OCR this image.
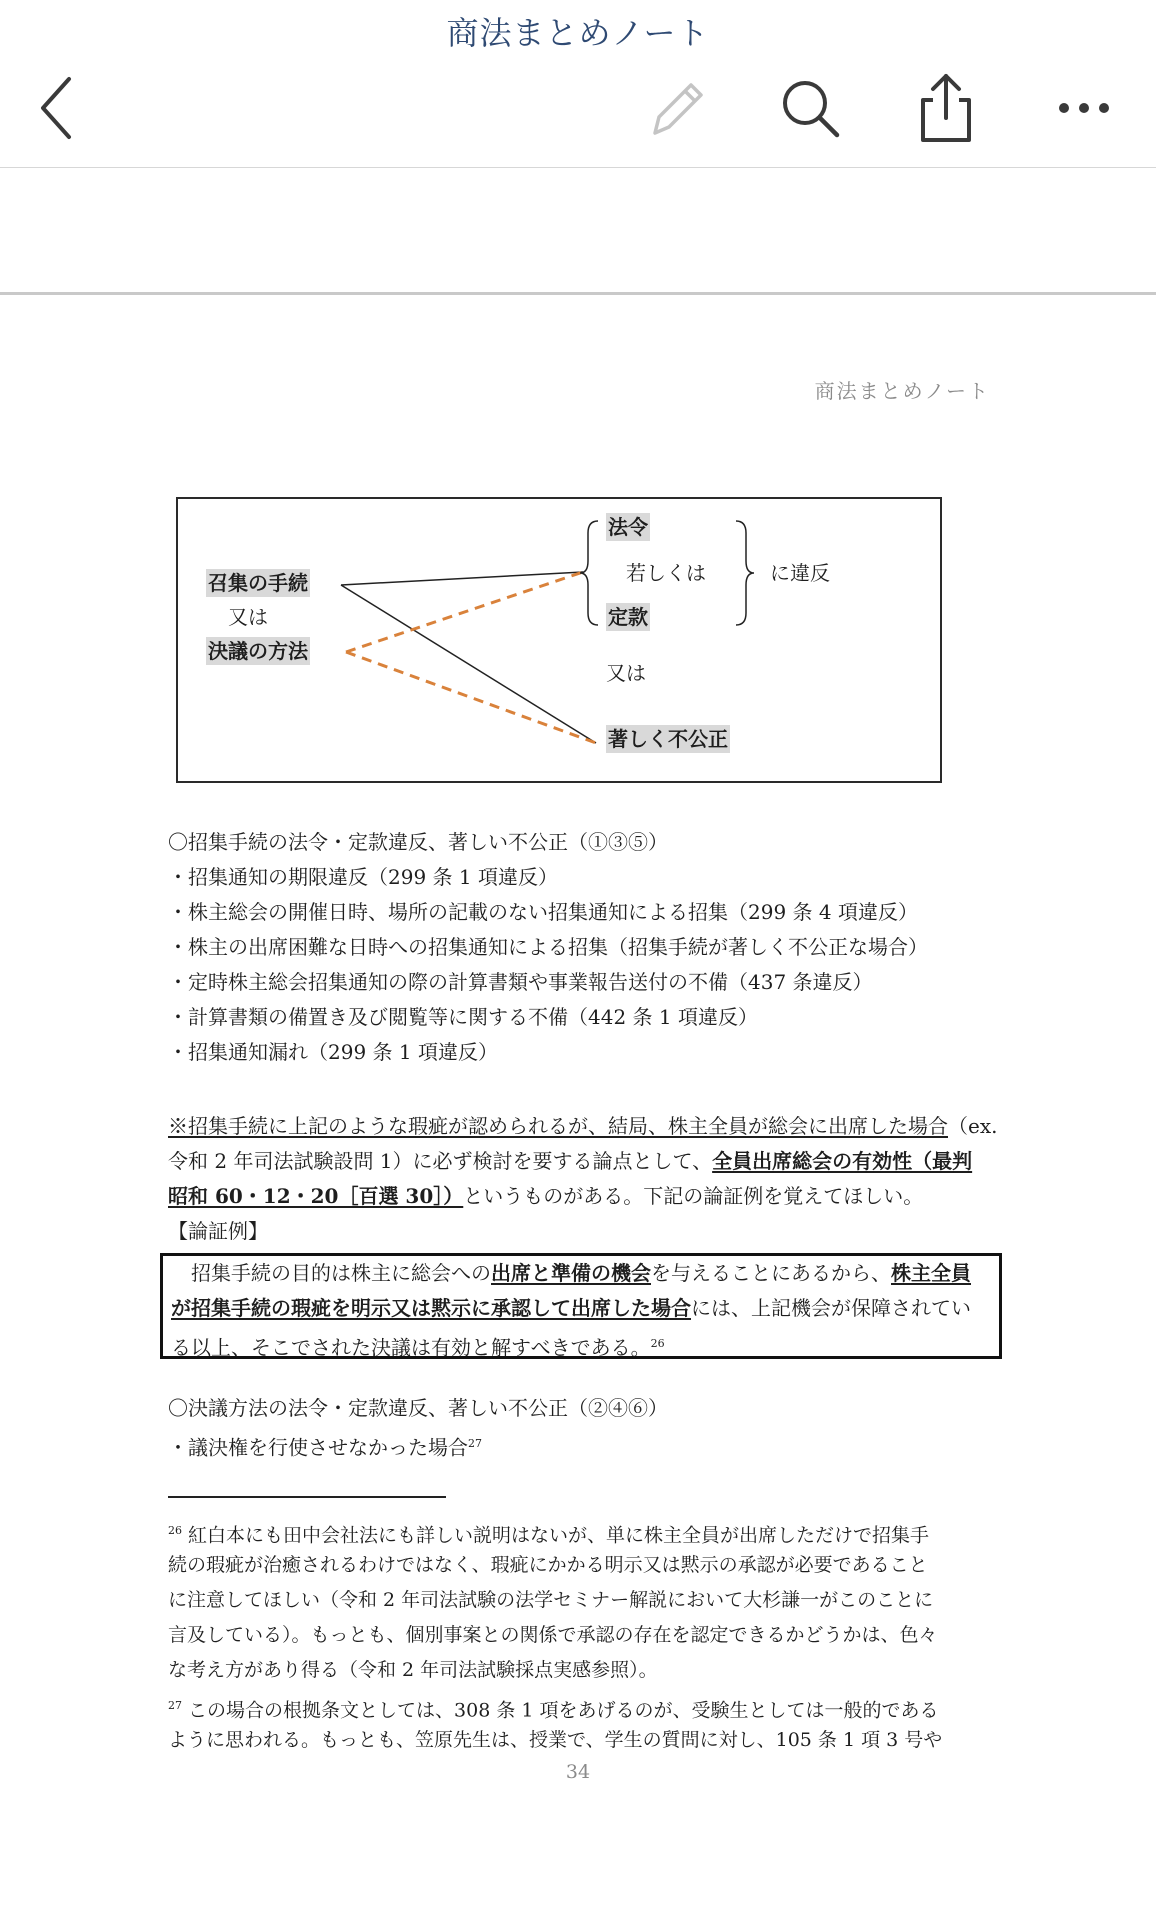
商法まとめノート
商法まとめノート
召集の手続
又は
決議の方法
法令
若しくは
定款
に違反
又は
著しく不公正
〇招集手続の法令・定款違反、著しい不公正（①③⑤）
・招集通知の期限違反（299 条 1 項違反）
・株主総会の開催日時、場所の記載のない招集通知による招集（299 条 4 項違反）
・株主の出席困難な日時への招集通知による招集（招集手続が著しく不公正な場合）
・定時株主総会招集通知の際の計算書類や事業報告送付の不備（437 条違反）
・計算書類の備置き及び閲覧等に関する不備（442 条 1 項違反）
・招集通知漏れ（299 条 1 項違反）
※招集手続に上記のような瑕疵が認められるが、結局、株主全員が総会に出席した場合（ex.
令和 2 年司法試験設問 1）に必ず検討を要する論点として、全員出席総会の有効性（最判
昭和 60・12・20［百選 30］）というものがある。下記の論証例を覚えてほしい。
【論証例】
　招集手続の目的は株主に総会への出席と準備の機会を与えることにあるから、株主全員
が招集手続の瑕疵を明示又は黙示に承認して出席した場合には、上記機会が保障されてい
る以上、そこでされた決議は有効と解すべきである。$^{26}$
〇決議方法の法令・定款違反、著しい不公正（②④⑥）
・議決権を行使させなかった場合$^{27}$
$^{26}$ 紅白本にも田中会社法にも詳しい説明はないが、単に株主全員が出席しただけで招集手
続の瑕疵が治癒されるわけではなく、瑕疵にかかる明示又は黙示の承認が必要であること
に注意してほしい（令和 2 年司法試験の法学セミナー解説において大杉謙一がこのことに
言及している）。もっとも、個別事案との関係で承認の存在を認定できるかどうかは、色々
な考え方があり得る（令和 2 年司法試験採点実感参照）。
$^{27}$ この場合の根拠条文としては、308 条 1 項をあげるのが、受験生としては一般的である
ように思われる。もっとも、笠原先生は、授業で、学生の質問に対し、105 条 1 項 3 号や
34
